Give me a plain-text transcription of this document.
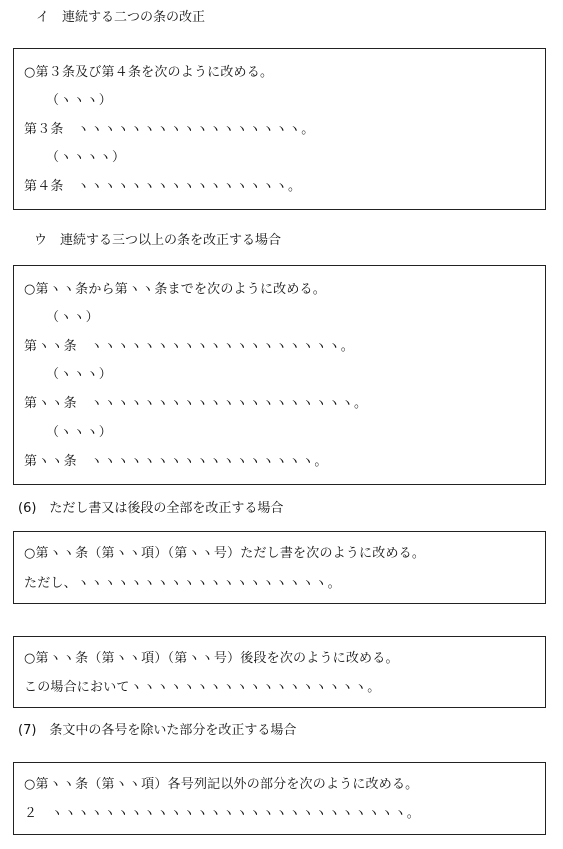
イ　連続する二つの条の改正
○第３条及び第４条を次のように改める。
（ヽヽヽ）
第３条　ヽヽヽヽヽヽヽヽヽヽヽヽヽヽヽヽヽ。
（ヽヽヽヽ）
第４条　ヽヽヽヽヽヽヽヽヽヽヽヽヽヽヽヽ。
ウ　連続する三つ以上の条を改正する場合
○第ヽヽ条から第ヽヽ条までを次のように改める。
（ヽヽ）
第ヽヽ条　ヽヽヽヽヽヽヽヽヽヽヽヽヽヽヽヽヽヽヽ。
（ヽヽヽ）
第ヽヽ条　ヽヽヽヽヽヽヽヽヽヽヽヽヽヽヽヽヽヽヽヽ。
（ヽヽヽ）
第ヽヽ条　ヽヽヽヽヽヽヽヽヽヽヽヽヽヽヽヽヽ。
(6)　ただし書又は後段の全部を改正する場合
○第ヽヽ条（第ヽヽ項）（第ヽヽ号）ただし書を次のように改める。
ただし、ヽヽヽヽヽヽヽヽヽヽヽヽヽヽヽヽヽヽヽ。
○第ヽヽ条（第ヽヽ項）（第ヽヽ号）後段を次のように改める。
この場合においてヽヽヽヽヽヽヽヽヽヽヽヽヽヽヽヽヽヽ。
(7)　条文中の各号を除いた部分を改正する場合
○第ヽヽ条（第ヽヽ項）各号列記以外の部分を次のように改める。
２　ヽヽヽヽヽヽヽヽヽヽヽヽヽヽヽヽヽヽヽヽヽヽヽヽヽヽヽ。
